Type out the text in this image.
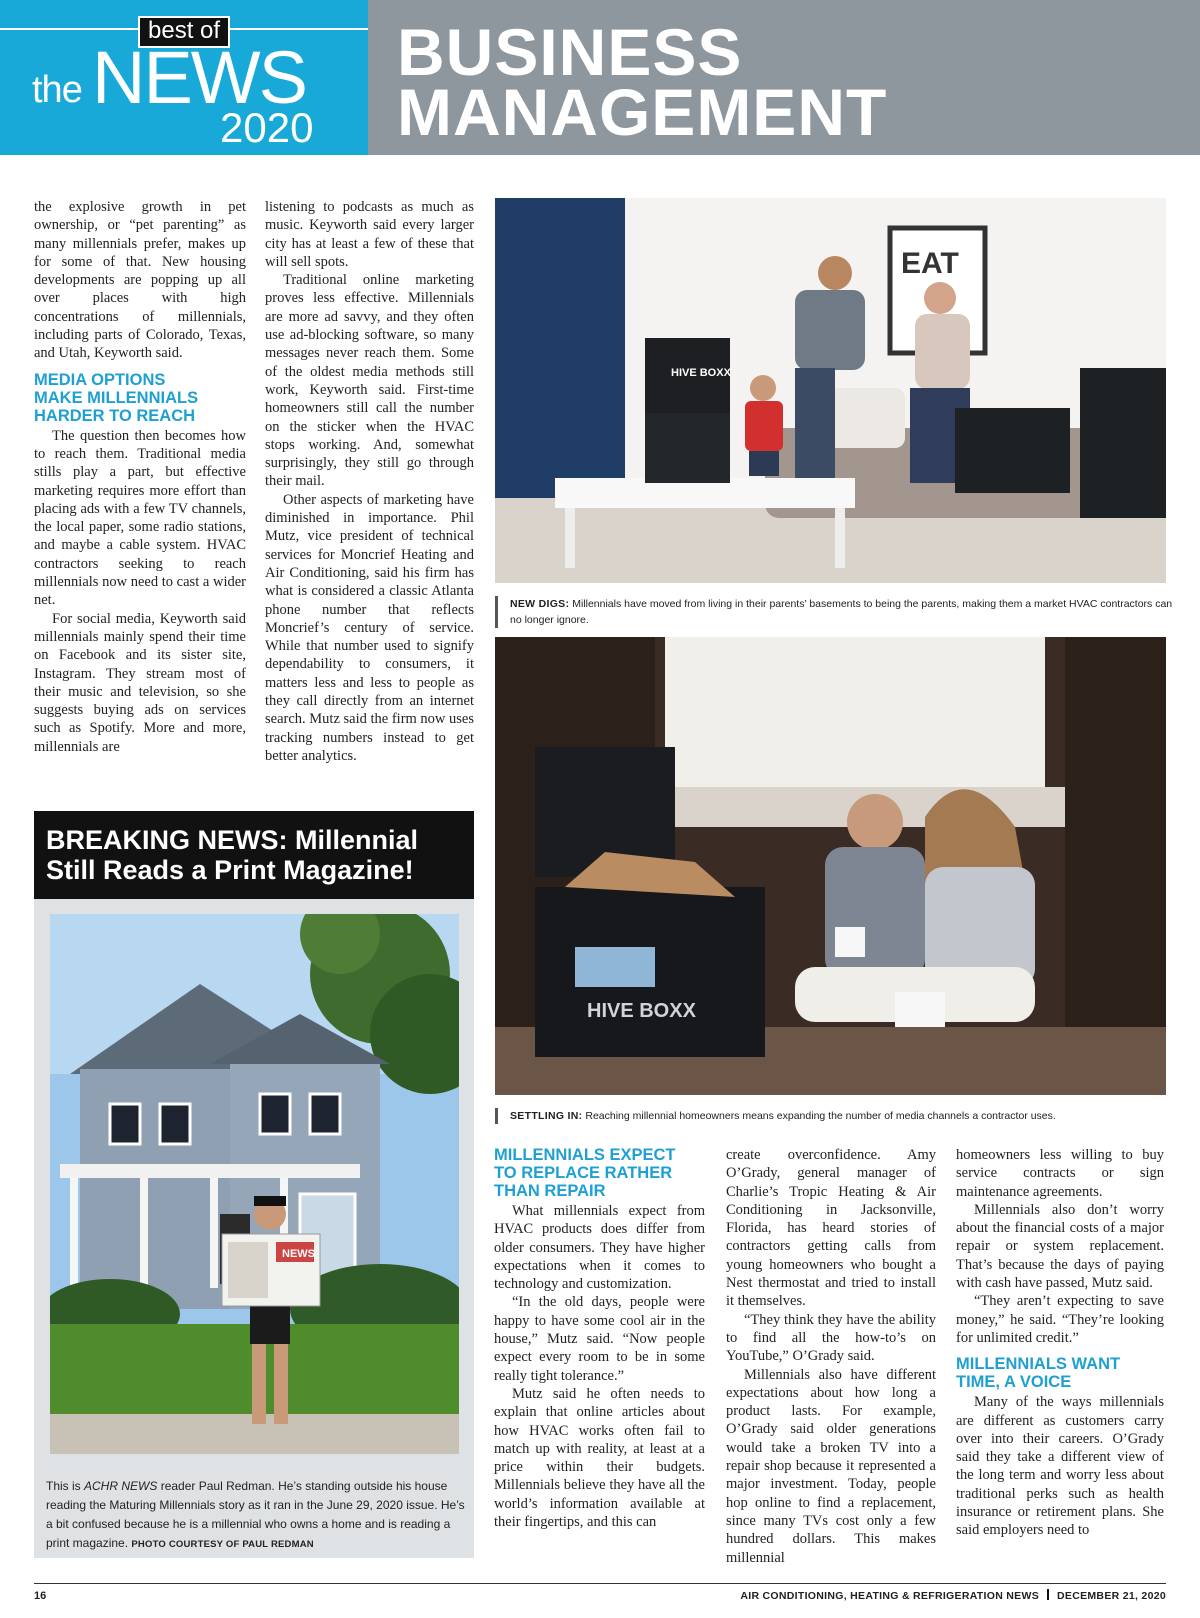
best of
the NEWS
2020
BUSINESS
MANAGEMENT

the explosive growth in pet ownership, or “pet parenting” as many millennials prefer, makes up for some of that. New housing developments are popping up all over places with high concentrations of millennials, including parts of Colorado, Texas, and Utah, Keyworth said.

MEDIA OPTIONS
MAKE MILLENNIALS
HARDER TO REACH

The question then becomes how to reach them. Traditional media stills play a part, but effective marketing requires more effort than placing ads with a few TV channels, the local paper, some radio stations, and maybe a cable system. HVAC contractors seeking to reach millennials now need to cast a wider net.

For social media, Keyworth said millennials mainly spend their time on Facebook and its sister site, Instagram. They stream most of their music and television, so she suggests buying ads on services such as Spotify. More and more, millennials are

listening to podcasts as much as music. Keyworth said every larger city has at least a few of these that will sell spots.

Traditional online marketing proves less effective. Millennials are more ad savvy, and they often use ad-blocking software, so many messages never reach them. Some of the oldest media methods still work, Keyworth said. First-time homeowners still call the number on the sticker when the HVAC stops working. And, somewhat surprisingly, they still go through their mail.

Other aspects of marketing have diminished in importance. Phil Mutz, vice president of technical services for Moncrief Heating and Air Conditioning, said his firm has what is considered a classic Atlanta phone number that reflects Moncrief’s century of service. While that number used to signify dependability to consumers, it matters less and less to people as they call directly from an internet search. Mutz said the firm now uses tracking numbers instead to get better analytics.

BREAKING NEWS: Millennial
Still Reads a Print Magazine!
NEWS
This is ACHR NEWS reader Paul Redman. He’s standing outside his house reading the Maturing Millennials story as it ran in the June 29, 2020 issue. He’s a bit confused because he is a millennial who owns a home and is reading a print magazine. PHOTO COURTESY OF PAUL REDMAN
EAT
HIVE BOXX
NEW DIGS: Millennials have moved from living in their parents’ basements to being the parents, making them a market HVAC contractors can no longer ignore.
HIVE BOXX
SETTLING IN: Reaching millennial homeowners means expanding the number of media channels a contractor uses.
MILLENNIALS EXPECT
TO REPLACE RATHER
THAN REPAIR

What millennials expect from HVAC products does differ from older consumers. They have higher expectations when it comes to technology and customization.

“In the old days, people were happy to have some cool air in the house,” Mutz said. “Now people expect every room to be in some really tight tolerance.”

Mutz said he often needs to explain that online articles about how HVAC works often fail to match up with reality, at least at a price within their budgets. Millennials believe they have all the world’s information available at their fingertips, and this can

create overconfidence. Amy O’Grady, general manager of Charlie’s Tropic Heating & Air Conditioning in Jacksonville, Florida, has heard stories of contractors getting calls from young homeowners who bought a Nest thermostat and tried to install it themselves.

“They think they have the ability to find all the how-to’s on YouTube,” O’Grady said.

Millennials also have different expectations about how long a product lasts. For example, O’Grady said older generations would take a broken TV into a repair shop because it represented a major investment. Today, people hop online to find a replacement, since many TVs cost only a few hundred dollars. This makes millennial

homeowners less willing to buy service contracts or sign maintenance agreements.

Millennials also don’t worry about the financial costs of a major repair or system replacement. That’s because the days of paying with cash have passed, Mutz said.

“They aren’t expecting to save money,” he said. “They’re looking for unlimited credit.”

MILLENNIALS WANT
TIME, A VOICE

Many of the ways millennials are different as customers carry over into their careers. O’Grady said they take a different view of the long term and worry less about traditional perks such as health insurance or retirement plans. She said employers need to

16	AIR CONDITIONING, HEATING & REFRIGERATION NEWS DECEMBER 21, 2020
